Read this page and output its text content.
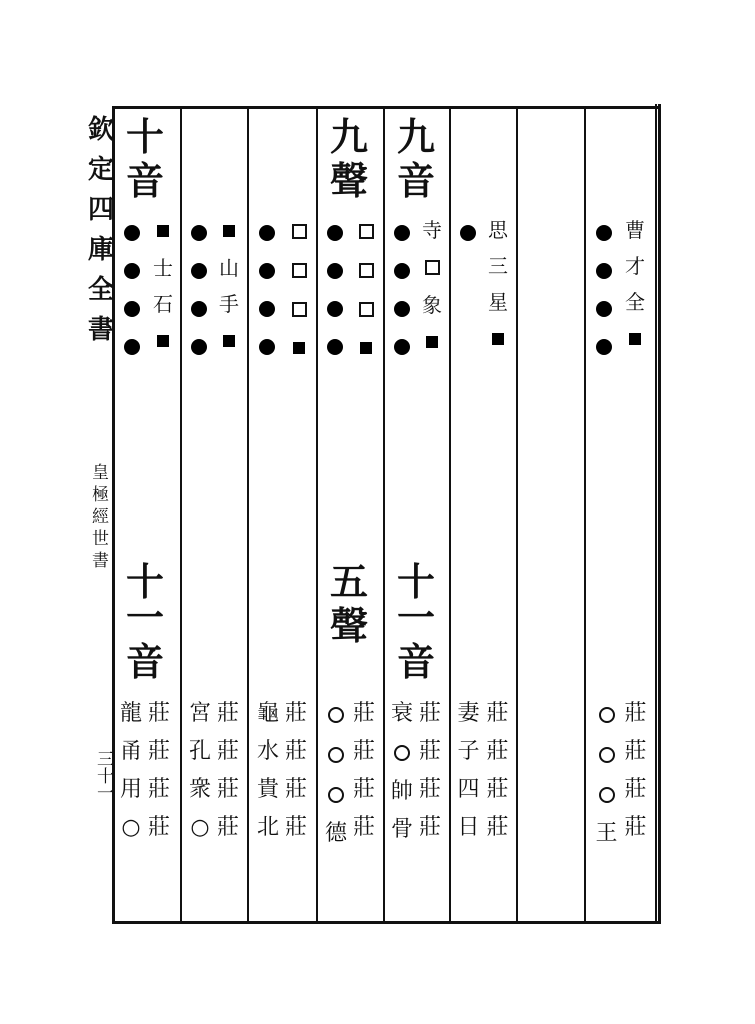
欽
定
四
庫
全
書
皇
極
經
世
書
三十一
十
音
士
石
十
一
音
龍
甬
用
○
莊
莊
莊
莊
山
手
宮
孔
衆
○
莊
莊
莊
莊
龜
水
貴
北
莊
莊
莊
莊
九
聲
五
聲
德
莊
莊
莊
莊
九
音
寺
象
十
一
音
衰
帥
骨
莊
莊
莊
莊
思
三
星
妻
子
四
日
莊
莊
莊
莊
曹
才
全
王
莊
莊
莊
莊
